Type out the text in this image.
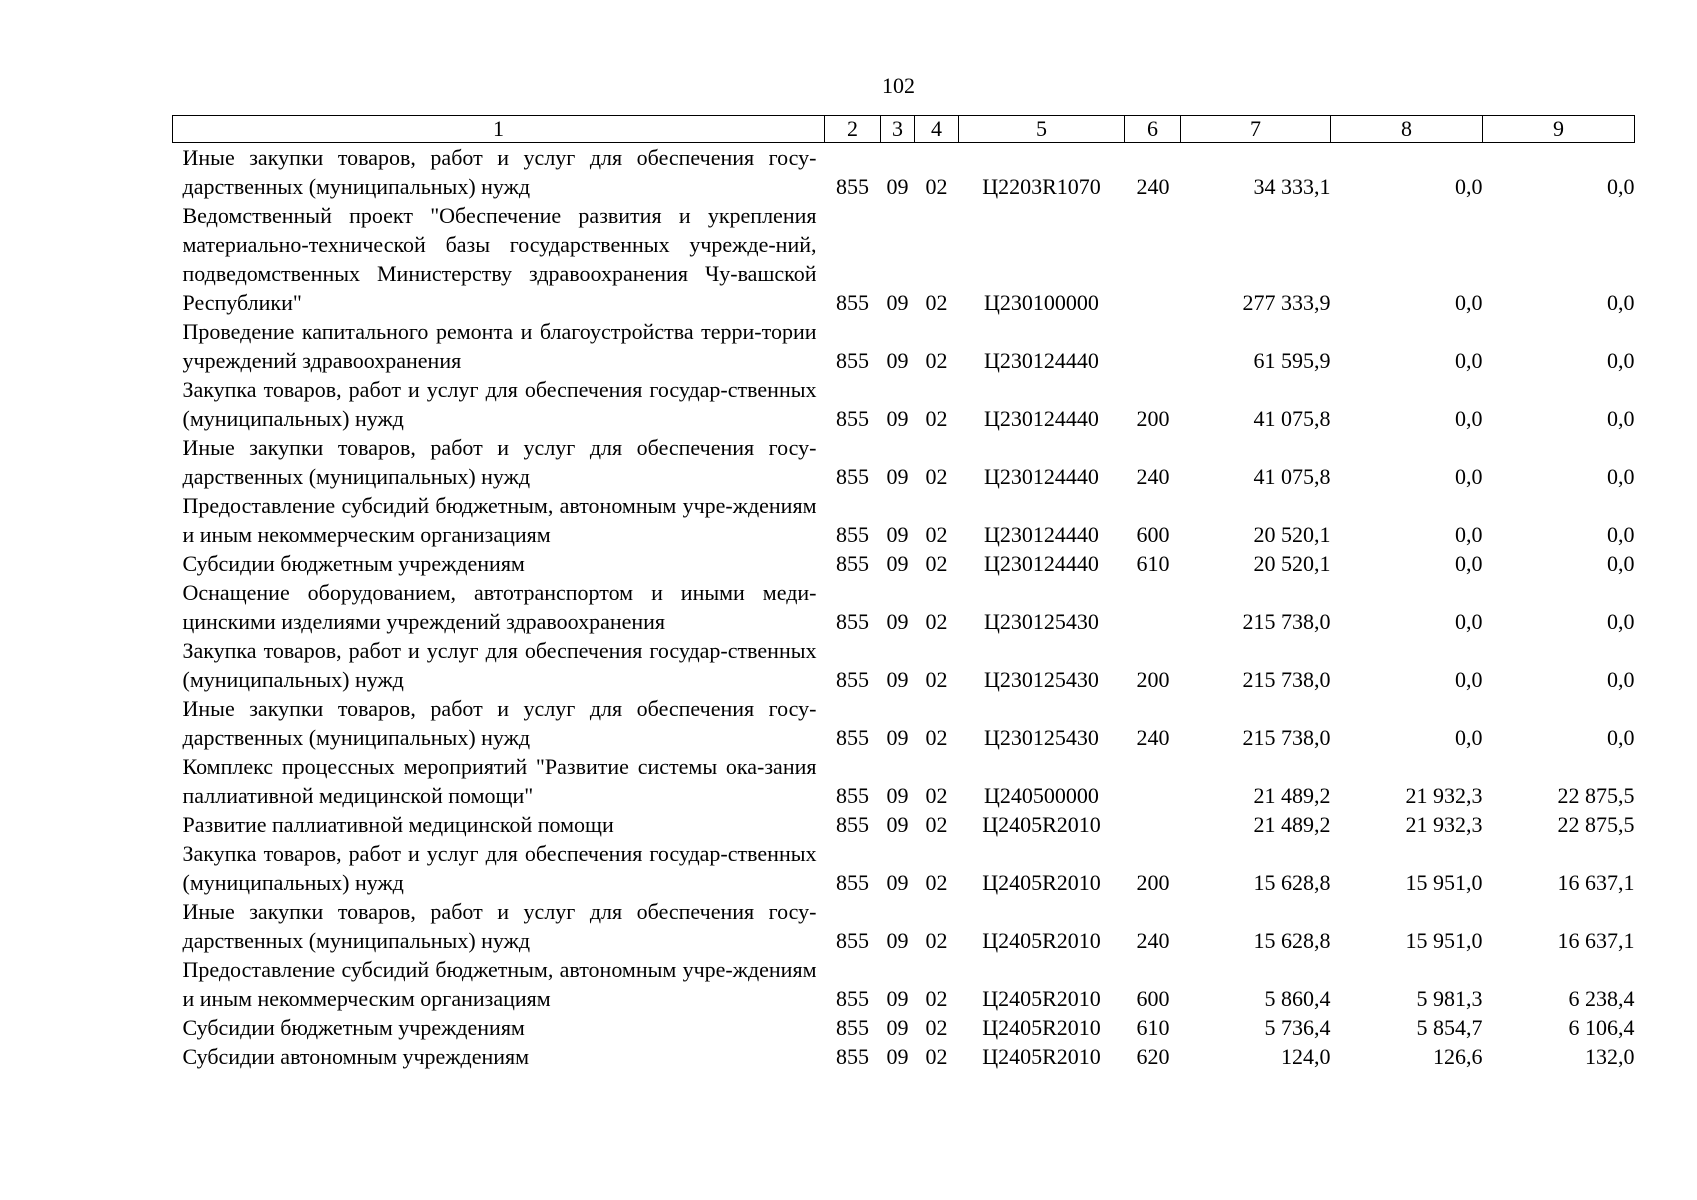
102
1	2	3	4	5	6	7	8	9
Иные закупки товаров, работ и услуг для обеспечения госу-дарственных (муниципальных) нужд	855	09	02	Ц2203R1070	240	34 333,1	0,0	0,0
Ведомственный проект "Обеспечение развития и укрепления материально-технической базы государственных учрежде-ний, подведомственных Министерству здравоохранения Чу-вашской Республики"	855	09	02	Ц230100000		277 333,9	0,0	0,0
Проведение капитального ремонта и благоустройства терри-тории учреждений здравоохранения	855	09	02	Ц230124440		61 595,9	0,0	0,0
Закупка товаров, работ и услуг для обеспечения государ-ственных (муниципальных) нужд	855	09	02	Ц230124440	200	41 075,8	0,0	0,0
Иные закупки товаров, работ и услуг для обеспечения госу-дарственных (муниципальных) нужд	855	09	02	Ц230124440	240	41 075,8	0,0	0,0
Предоставление субсидий бюджетным, автономным учре-ждениям и иным некоммерческим организациям	855	09	02	Ц230124440	600	20 520,1	0,0	0,0
Субсидии бюджетным учреждениям	855	09	02	Ц230124440	610	20 520,1	0,0	0,0
Оснащение оборудованием, автотранспортом и иными меди-цинскими изделиями учреждений здравоохранения	855	09	02	Ц230125430		215 738,0	0,0	0,0
Закупка товаров, работ и услуг для обеспечения государ-ственных (муниципальных) нужд	855	09	02	Ц230125430	200	215 738,0	0,0	0,0
Иные закупки товаров, работ и услуг для обеспечения госу-дарственных (муниципальных) нужд	855	09	02	Ц230125430	240	215 738,0	0,0	0,0
Комплекс процессных мероприятий "Развитие системы ока-зания паллиативной медицинской помощи"	855	09	02	Ц240500000		21 489,2	21 932,3	22 875,5
Развитие паллиативной медицинской помощи	855	09	02	Ц2405R2010		21 489,2	21 932,3	22 875,5
Закупка товаров, работ и услуг для обеспечения государ-ственных (муниципальных) нужд	855	09	02	Ц2405R2010	200	15 628,8	15 951,0	16 637,1
Иные закупки товаров, работ и услуг для обеспечения госу-дарственных (муниципальных) нужд	855	09	02	Ц2405R2010	240	15 628,8	15 951,0	16 637,1
Предоставление субсидий бюджетным, автономным учре-ждениям и иным некоммерческим организациям	855	09	02	Ц2405R2010	600	5 860,4	5 981,3	6 238,4
Субсидии бюджетным учреждениям	855	09	02	Ц2405R2010	610	5 736,4	5 854,7	6 106,4
Субсидии автономным учреждениям	855	09	02	Ц2405R2010	620	124,0	126,6	132,0
